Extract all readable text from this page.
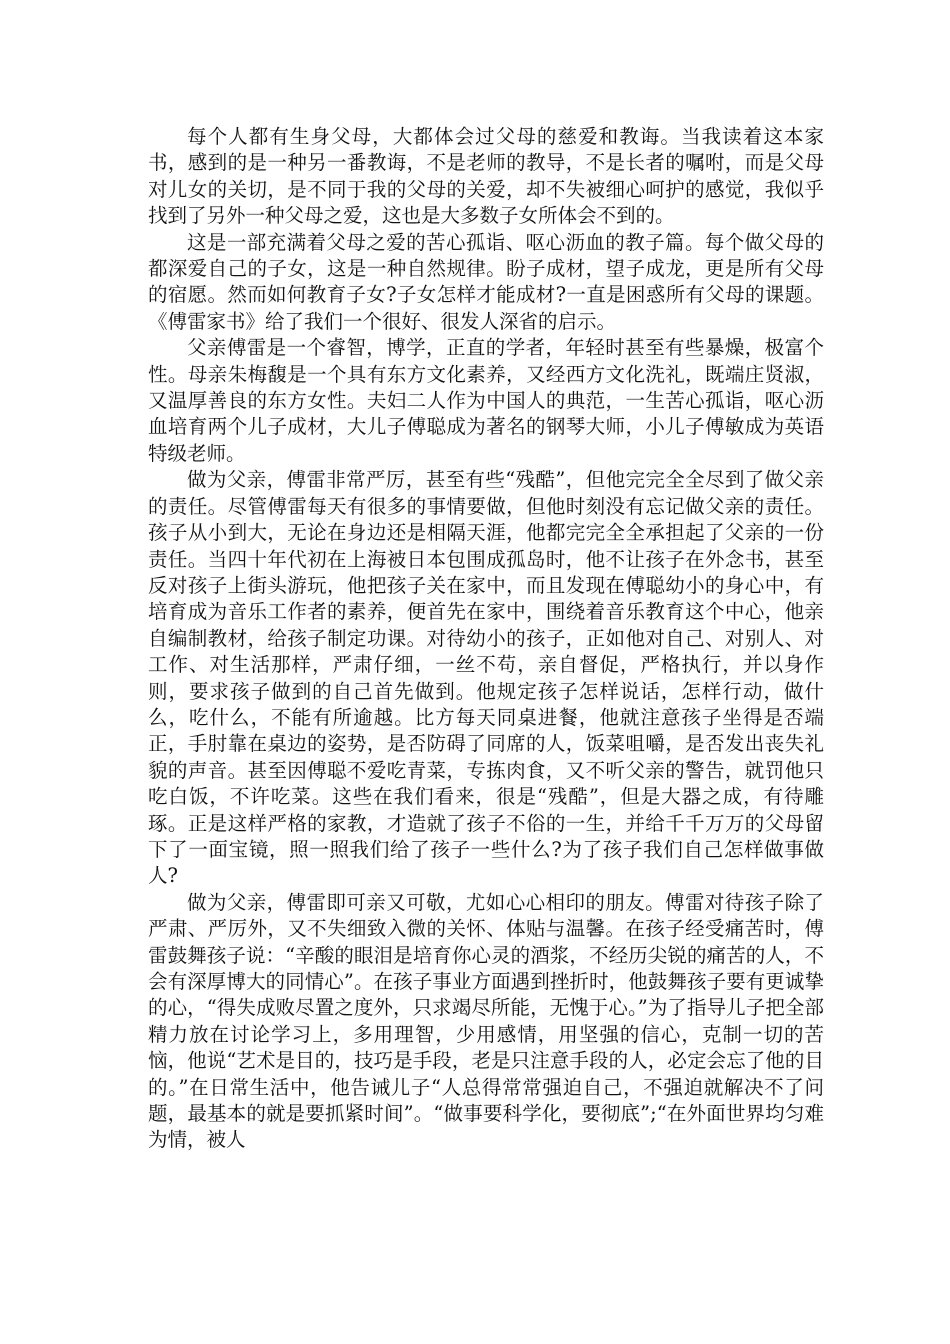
每个人都有生身父母，大都体会过父母的慈爱和教诲。当我读着这本家书，感到的是一种另一番教诲，不是老师的教导，不是长者的嘱咐，而是父母对儿女的关切，是不同于我的父母的关爱，却不失被细心呵护的感觉，我似乎找到了另外一种父母之爱，这也是大多数子女所体会不到的。

这是一部充满着父母之爱的苦心孤诣、呕心沥血的教子篇。每个做父母的都深爱自己的子女，这是一种自然规律。盼子成材，望子成龙，更是所有父母的宿愿。然而如何教育子女?子女怎样才能成材?一直是困惑所有父母的课题。《傅雷家书》给了我们一个很好、很发人深省的启示。

父亲傅雷是一个睿智，博学，正直的学者，年轻时甚至有些暴燥，极富个性。母亲朱梅馥是一个具有东方文化素养，又经西方文化洗礼，既端庄贤淑，又温厚善良的东方女性。夫妇二人作为中国人的典范，一生苦心孤诣，呕心沥血培育两个儿子成材，大儿子傅聪成为著名的钢琴大师，小儿子傅敏成为英语特级老师。

做为父亲，傅雷非常严厉，甚至有些“残酷”，但他完完全全尽到了做父亲的责任。尽管傅雷每天有很多的事情要做，但他时刻没有忘记做父亲的责任。孩子从小到大，无论在身边还是相隔天涯，他都完完全全承担起了父亲的一份责任。当四十年代初在上海被日本包围成孤岛时，他不让孩子在外念书，甚至反对孩子上街头游玩，他把孩子关在家中，而且发现在傅聪幼小的身心中，有培育成为音乐工作者的素养，便首先在家中，围绕着音乐教育这个中心，他亲自编制教材，给孩子制定功课。对待幼小的孩子，正如他对自己、对别人、对工作、对生活那样，严肃仔细，一丝不苟，亲自督促，严格执行，并以身作则，要求孩子做到的自己首先做到。他规定孩子怎样说话，怎样行动，做什么，吃什么，不能有所逾越。比方每天同桌进餐，他就注意孩子坐得是否端正，手肘靠在桌边的姿势，是否防碍了同席的人，饭菜咀嚼，是否发出丧失礼貌的声音。甚至因傅聪不爱吃青菜，专拣肉食，又不听父亲的警告，就罚他只吃白饭，不许吃菜。这些在我们看来，很是“残酷”，但是大器之成，有待雕琢。正是这样严格的家教，才造就了孩子不俗的一生，并给千千万万的父母留下了一面宝镜，照一照我们给了孩子一些什么?为了孩子我们自己怎样做事做人?

做为父亲，傅雷即可亲又可敬，尤如心心相印的朋友。傅雷对待孩子除了严肃、严厉外，又不失细致入微的关怀、体贴与温馨。在孩子经受痛苦时，傅雷鼓舞孩子说：“辛酸的眼泪是培育你心灵的酒浆，不经历尖锐的痛苦的人，不会有深厚博大的同情心”。在孩子事业方面遇到挫折时，他鼓舞孩子要有更诚挚的心，“得失成败尽置之度外，只求竭尽所能，无愧于心。”为了指导儿子把全部精力放在讨论学习上，多用理智，少用感情，用坚强的信心，克制一切的苦恼，他说“艺术是目的，技巧是手段，老是只注意手段的人，必定会忘了他的目的。”在日常生活中，他告诫儿子“人总得常常强迫自己，不强迫就解决不了问题，最基本的就是要抓紧时间”。“做事要科学化，要彻底”;“在外面世界均匀难为情，被人
